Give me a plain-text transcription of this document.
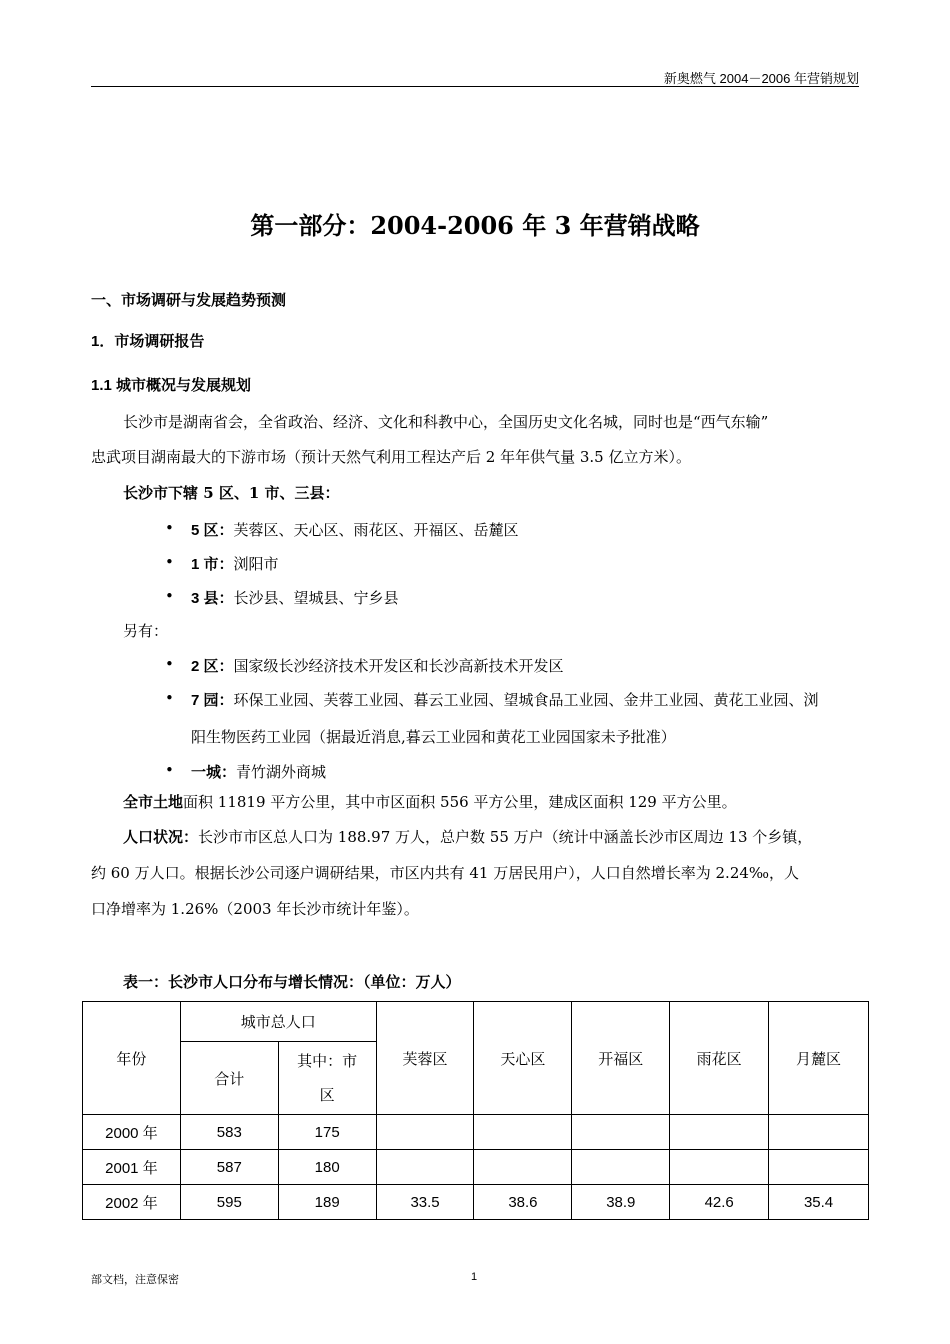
新奥燃气 2004－2006 年营销规划
第一部分：2004-2006 年 3 年营销战略
一、市场调研与发展趋势预测
1．市场调研报告
1.1 城市概况与发展规划
长沙市是湖南省会，全省政治、经济、文化和科教中心，全国历史文化名城，同时也是“西气东输”
忠武项目湖南最大的下游市场（预计天然气利用工程达产后 2 年年供气量 3.5 亿立方米）。
长沙市下辖 5 区、1 市、三县：
• 5 区：芙蓉区、天心区、雨花区、开福区、岳麓区
• 1 市：浏阳市
• 3 县：长沙县、望城县、宁乡县
另有：
• 2 区：国家级长沙经济技术开发区和长沙高新技术开发区
• 7 园：环保工业园、芙蓉工业园、暮云工业园、望城食品工业园、金井工业园、黄花工业园、浏
阳生物医药工业园（据最近消息,暮云工业园和黄花工业园国家未予批准）
• 一城：青竹湖外商城
全市土地面积 11819 平方公里，其中市区面积 556 平方公里，建成区面积 129 平方公里。
人口状况：长沙市市区总人口为 188.97 万人，总户数 55 万户（统计中涵盖长沙市区周边 13 个乡镇，
约 60 万人口。根据长沙公司逐户调研结果，市区内共有 41 万居民用户），人口自然增长率为 2.24‰，人
口净增率为 1.26%（2003 年长沙市统计年鉴）。
表一：长沙市人口分布与增长情况：（单位：万人）
年份	城市总人口		芙蓉区	天心区	开福区	雨花区	月麓区
	合计	其中：市
区					
2000 年	583	175					
2001 年	587	180					
2002 年	595	189	33.5	38.6	38.9	42.6	35.4
部文档，注意保密	1
